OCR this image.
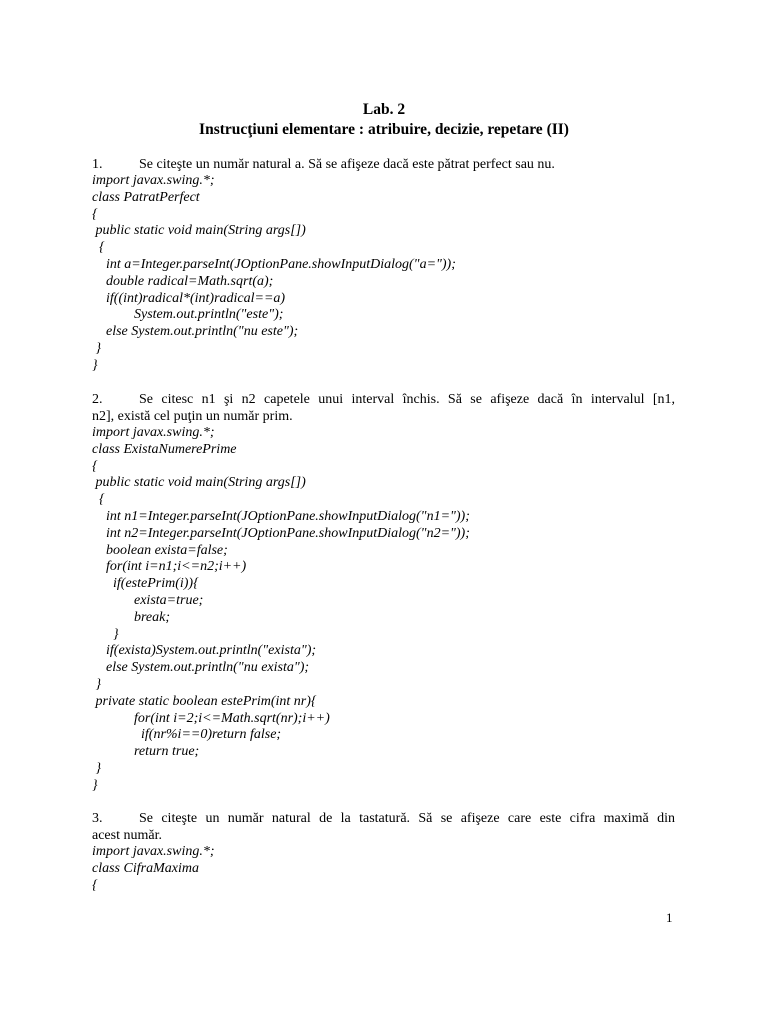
Lab. 2
Instrucţiuni elementare : atribuire, decizie, repetare (II)
1.	Se citeşte un număr natural a. Să se afişeze dacă este pătrat perfect sau nu.
import javax.swing.*;
class PatratPerfect
{
public static void main(String args[])
{
int a=Integer.parseInt(JOptionPane.showInputDialog("a="));
double radical=Math.sqrt(a);
if((int)radical*(int)radical==a)
System.out.println("este");
else System.out.println("nu este");
}
}
2.	Se citesc n1 şi n2 capetele unui interval închis. Să se afişeze dacă în intervalul [n1,
n2], există cel puţin un număr prim.
import javax.swing.*;
class ExistaNumerePrime
{
public static void main(String args[])
{
int n1=Integer.parseInt(JOptionPane.showInputDialog("n1="));
int n2=Integer.parseInt(JOptionPane.showInputDialog("n2="));
boolean exista=false;
for(int i=n1;i<=n2;i++)
if(estePrim(i)){
exista=true;
break;
}
if(exista)System.out.println("exista");
else System.out.println("nu exista");
}
private static boolean estePrim(int nr){
for(int i=2;i<=Math.sqrt(nr);i++)
if(nr%i==0)return false;
return true;
}
}
3.	Se citeşte un număr natural de la tastatură. Să se afişeze care este cifra maximă din
acest număr.
import javax.swing.*;
class CifraMaxima
{
1
